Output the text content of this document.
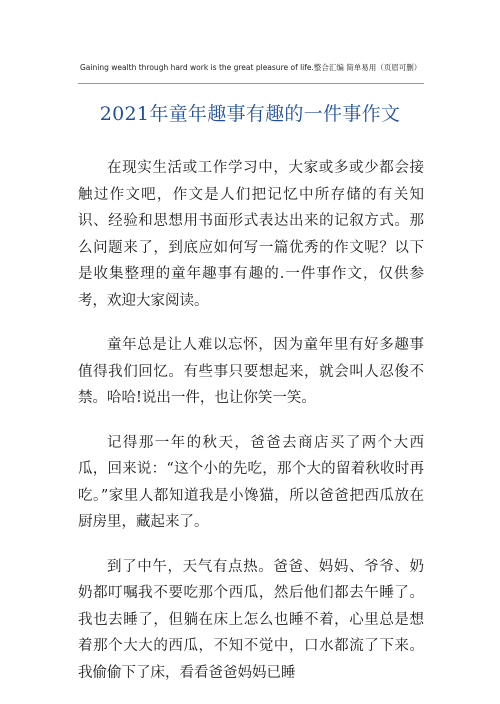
Gaining wealth through hard work is the great pleasure of life.整合汇编 简单易用（页眉可删）
2021年童年趣事有趣的一件事作文

在现实生活或工作学习中，大家或多或少都会接触过作文吧，作文是人们把记忆中所存储的有关知识、经验和思想用书面形式表达出来的记叙方式。那么问题来了，到底应如何写一篇优秀的作文呢？以下是收集整理的童年趣事有趣的.一件事作文，仅供参考，欢迎大家阅读。

童年总是让人难以忘怀，因为童年里有好多趣事值得我们回忆。有些事只要想起来，就会叫人忍俊不禁。哈哈!说出一件，也让你笑一笑。

记得那一年的秋天，爸爸去商店买了两个大西瓜，回来说：“这个小的先吃，那个大的留着秋收时再吃。”家里人都知道我是小馋猫，所以爸爸把西瓜放在厨房里，藏起来了。

到了中午，天气有点热。爸爸、妈妈、爷爷、奶奶都叮嘱我不要吃那个西瓜，然后他们都去午睡了。我也去睡了，但躺在床上怎么也睡不着，心里总是想着那个大大的西瓜，不知不觉中，口水都流了下来。我偷偷下了床，看看爸爸妈妈已睡
